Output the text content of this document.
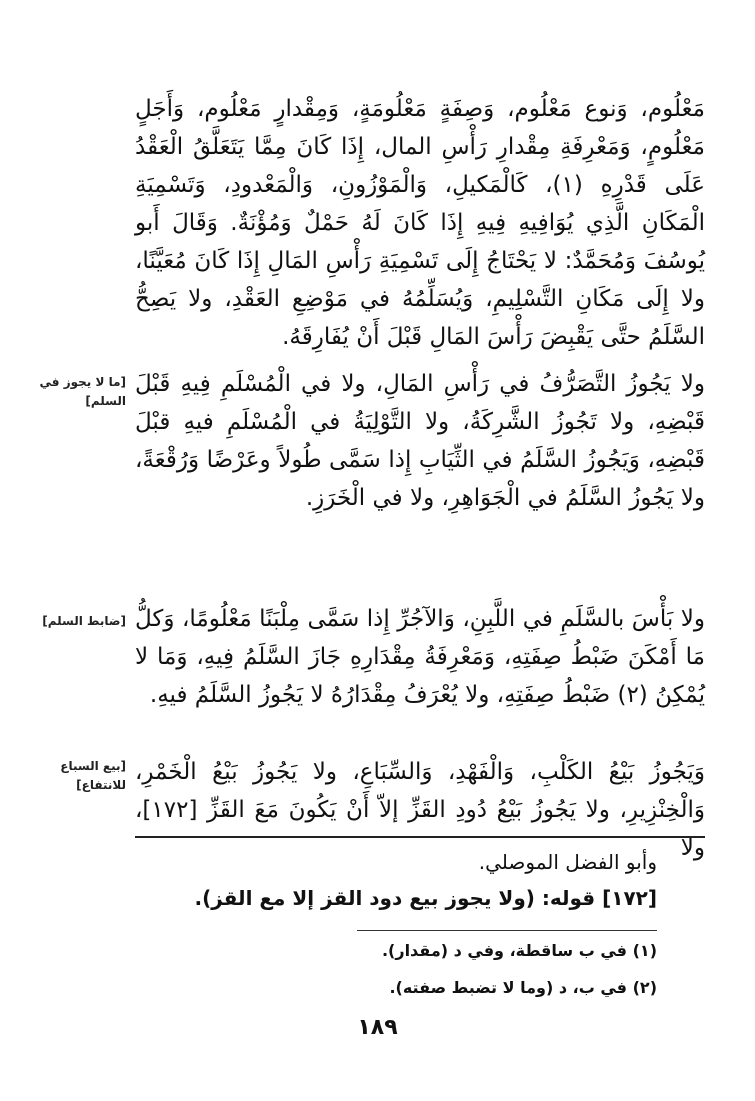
مَعْلُوم، وَنوع مَعْلُوم، وَصِفَةٍ مَعْلُومَةٍ، وَمِقْدارٍ مَعْلُوم، وَأَجَلٍ مَعْلُومٍ، وَمَعْرِفَةِ مِقْدارِ رَأْسِ المال، إِذَا كَانَ مِمَّا يَتَعَلَّقُ الْعَقْدُ عَلَى قَدْرِهِ (١)، كَالْمَكيلِ، وَالْمَوْزُونِ، وَالْمَعْدودِ، وَتَسْمِيَةِ الْمَكَانِ الَّذِي يُوَافِيهِ فِيهِ إِذَا كَانَ لَهُ حَمْلٌ وَمُؤْنَةٌ. وَقَالَ أَبو يُوسُفَ وَمُحَمَّدٌ: لا يَحْتَاجُ إِلَى تَسْمِيَةِ رَأْسِ المَالِ إِذَا كَانَ مُعَيَّنًا، ولا إِلَى مَكَانِ التَّسْلِيمِ، وَيُسَلِّمُهُ في مَوْضِعِ العَقْدِ، ولا يَصِحُّ السَّلَمُ حتَّى يَقْبِضَ رَأْسَ المَالِ قَبْلَ أَنْ يُفَارِقَهُ.

[ما لا يجوز في السلم]

ولا يَجُوزُ التَّصَرُّفُ في رَأْسِ المَالِ، ولا في الْمُسْلَمِ فِيهِ قَبْلَ قَبْضِهِ، ولا تَجُوزُ الشَّرِكَةُ، ولا التَّوْلِيَةُ في الْمُسْلَمِ فيهِ قبْلَ قَبْضِهِ، وَيَجُوزُ السَّلَمُ في الثِّيَابِ إِذا سَمَّى طُولاً وعَرْضًا وَرُقْعَةً، ولا يَجُوزُ السَّلَمُ في الْجَوَاهِرِ، ولا في الْخَرَزِ.

[ضابط السلم] ولا بَأْسَ بالسَّلَمِ في اللَّبِنِ، وَالآجُرِّ إِذا سَمَّى مِلْبَنًا مَعْلُومًا، وَكلُّ مَا أَمْكَنَ ضَبْطُ صِفَتِهِ، وَمَعْرِفَةُ مِقْدَارِهِ جَازَ السَّلَمُ فِيهِ، وَمَا لا يُمْكِنُ (٢) ضَبْطُ صِفَتِهِ، ولا يُعْرَفُ مِقْدَارُهُ لا يَجُوزُ السَّلَمُ فيهِ.

[بيع السباع للانتفاع] وَيَجُوزُ بَيْعُ الكَلْبِ، وَالْفَهْدِ، وَالسِّبَاعِ، ولا يَجُوزُ بَيْعُ الْخَمْرِ، وَالْخِنْزِيرِ، ولا يَجُوزُ بَيْعُ دُودِ القَزِّ إلاّ أَنْ يَكُونَ مَعَ القَزِّ [١٧٢]، ولا

وأبو الفضل الموصلي.
[١٧٢] قوله: (ولا يجوز بيع دود القز إلا مع القز).
(١) في ب ساقطة، وفي د (مقدار).
(٢) في ب، د (وما لا تضبط صفته).
١٨٩
